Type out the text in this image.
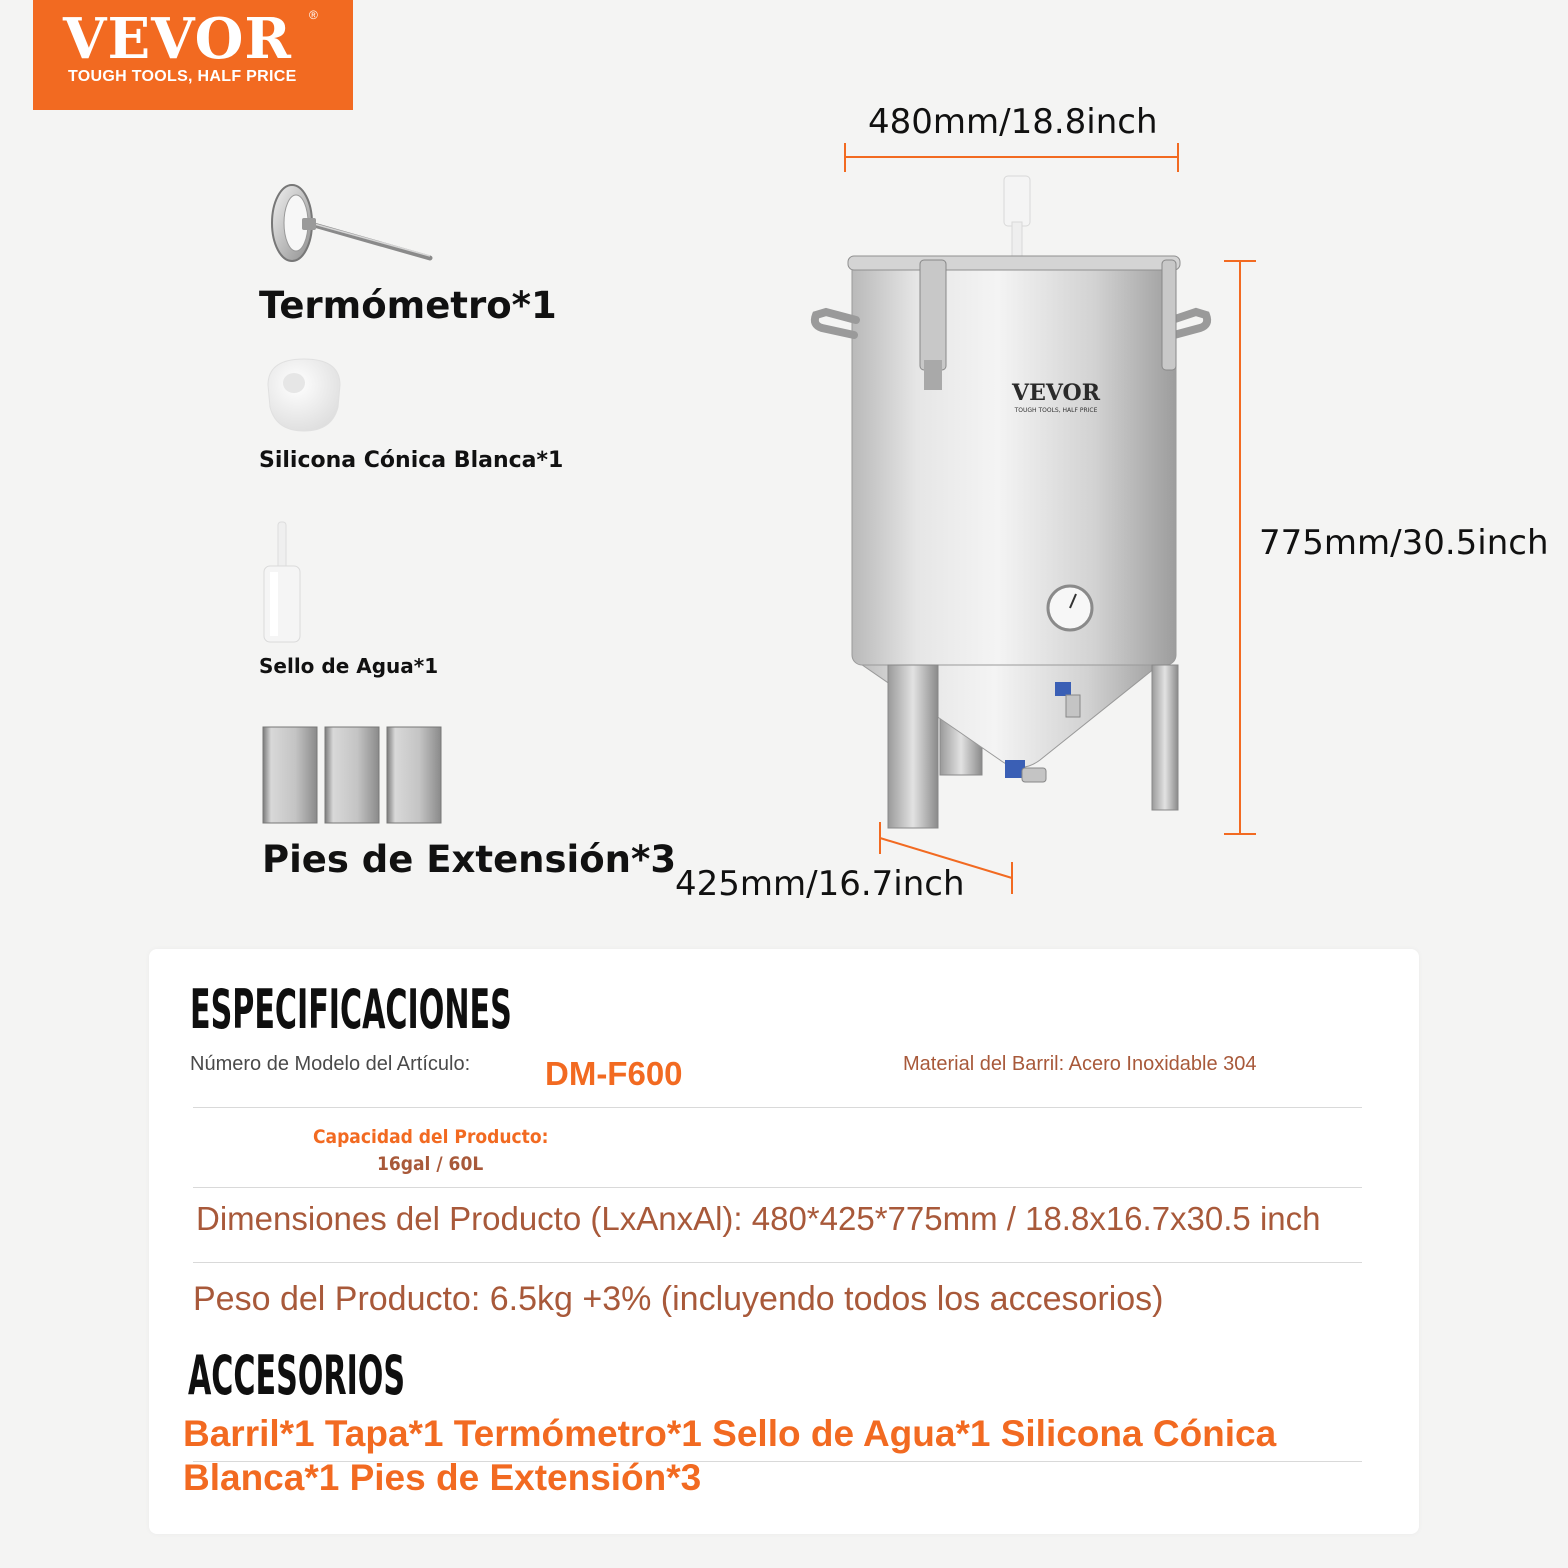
VEVOR ®
TOUGH TOOLS, HALF PRICE
Termómetro*1
Silicona Cónica Blanca*1
Sello de Agua*1
Pies de Extensión*3
VEVOR
TOUGH TOOLS, HALF PRICE
480mm/18.8inch
775mm/30.5inch
425mm/16.7inch
ESPECIFICACIONES
Número de Modelo del Artículo: DM-F600	Material del Barril: Acero Inoxidable 304
Capacidad del Producto:
16gal / 60L
Dimensiones del Producto (LxAnxAl): 480*425*775mm / 18.8x16.7x30.5 inch
Peso del Producto: 6.5kg +3% (incluyendo todos los accesorios)
ACCESORIOS
Barril*1 Tapa*1 Termómetro*1 Sello de Agua*1 Silicona Cónica
Blanca*1 Pies de Extensión*3
